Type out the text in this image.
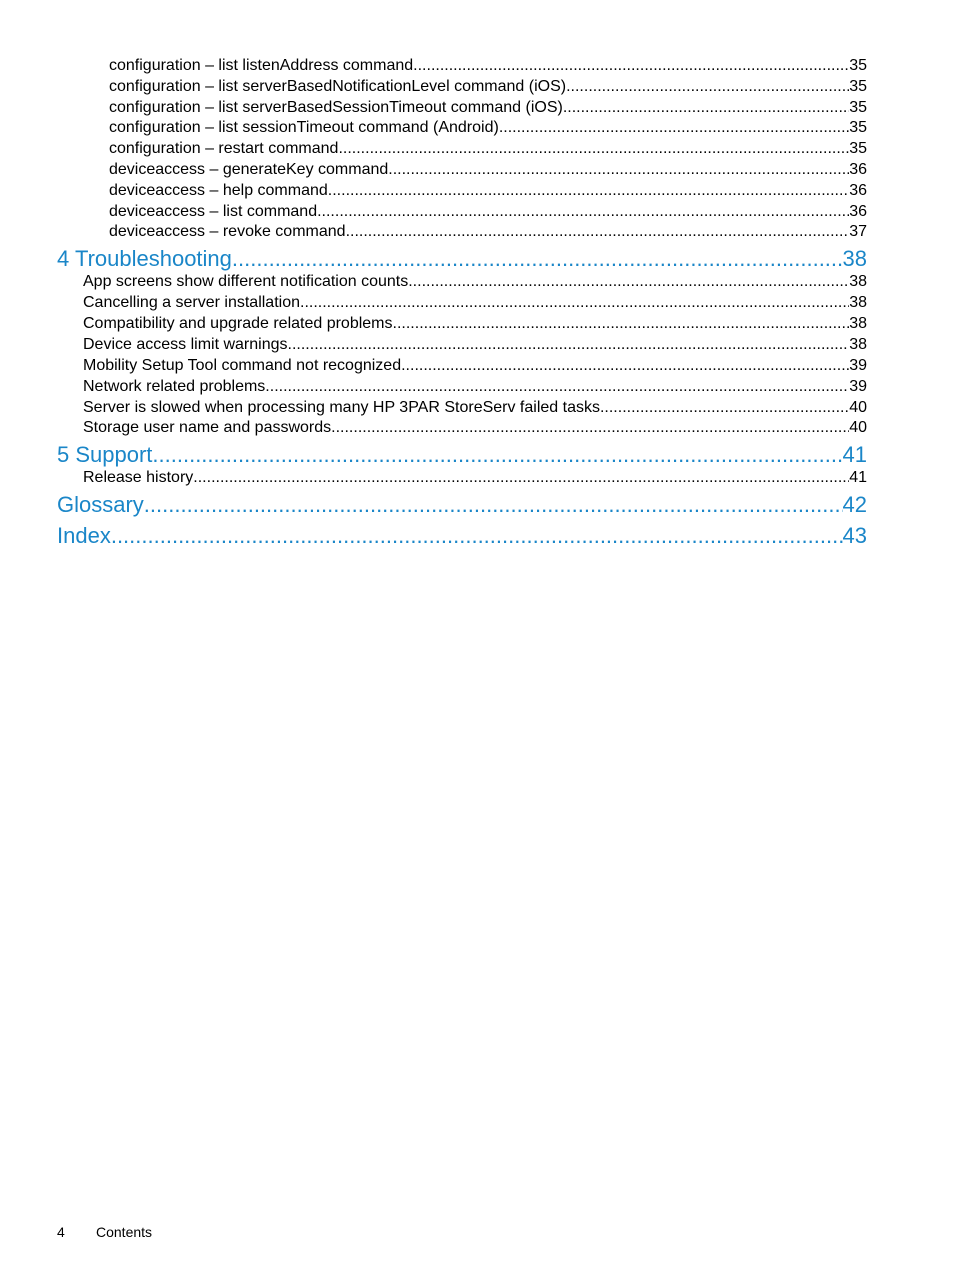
configuration – list listenAddress command .....	35
configuration – list serverBasedNotificationLevel command (iOS) .....	35
configuration – list serverBasedSessionTimeout command (iOS) .....	35
configuration – list sessionTimeout command (Android) .....	35
configuration – restart command .....	35
deviceaccess – generateKey command .....	36
deviceaccess – help command .....	36
deviceaccess – list command .....	36
deviceaccess – revoke command .....	37
4 Troubleshooting .....	38
App screens show different notification counts .....	38
Cancelling a server installation .....	38
Compatibility and upgrade related problems .....	38
Device access limit warnings .....	38
Mobility Setup Tool command not recognized .....	39
Network related problems .....	39
Server is slowed when processing many HP 3PAR StoreServ failed tasks .....	40
Storage user name and passwords .....	40
5 Support .....	41
Release history .....	41
Glossary .....	42
Index .....	43
4 Contents
